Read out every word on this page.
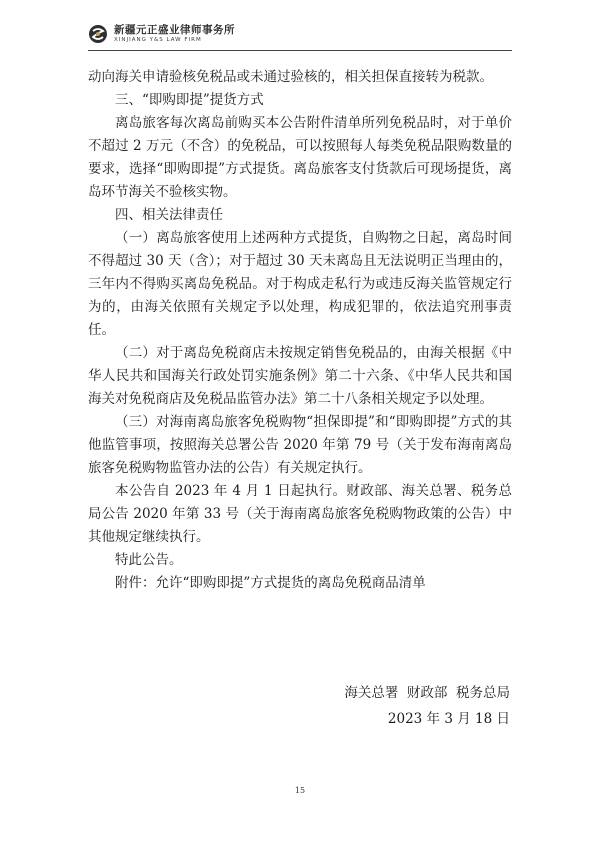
新疆元正盛业律师事务所
XINJIANG Y&S LAW FIRM

动向海关申请验核免税品或未通过验核的，相关担保直接转为税款。

三、“即购即提”提货方式

离岛旅客每次离岛前购买本公告附件清单所列免税品时，对于单价不超过 2 万元（不含）的免税品，可以按照每人每类免税品限购数量的要求，选择“即购即提”方式提货。离岛旅客支付货款后可现场提货，离岛环节海关不验核实物。

四、相关法律责任

（一）离岛旅客使用上述两种方式提货，自购物之日起，离岛时间不得超过 30 天（含）；对于超过 30 天未离岛且无法说明正当理由的，三年内不得购买离岛免税品。对于构成走私行为或违反海关监管规定行为的，由海关依照有关规定予以处理，构成犯罪的，依法追究刑事责任。

（二）对于离岛免税商店未按规定销售免税品的，由海关根据《中华人民共和国海关行政处罚实施条例》第二十六条、《中华人民共和国海关对免税商店及免税品监管办法》第二十八条相关规定予以处理。

（三）对海南离岛旅客免税购物“担保即提”和“即购即提”方式的其他监管事项，按照海关总署公告 2020 年第 79 号（关于发布海南离岛旅客免税购物监管办法的公告）有关规定执行。

本公告自 2023 年 4 月 1 日起执行。财政部、海关总署、税务总局公告 2020 年第 33 号（关于海南离岛旅客免税购物政策的公告）中其他规定继续执行。

特此公告。

附件：允许“即购即提”方式提货的离岛免税商品清单

海关总署  财政部  税务总局
2023 年 3 月 18 日
15
